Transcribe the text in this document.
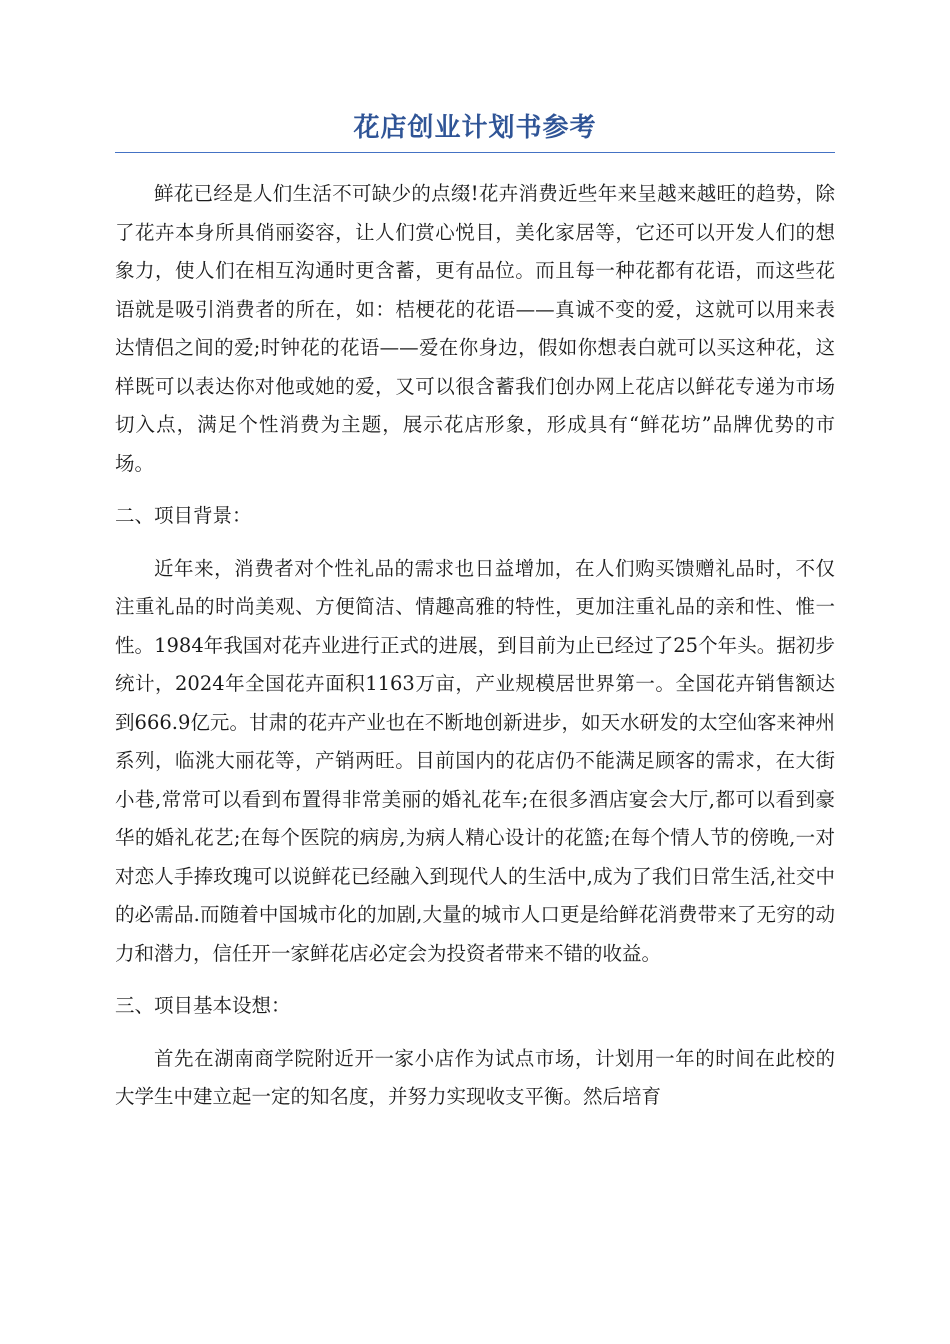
花店创业计划书参考

鲜花已经是人们生活不可缺少的点缀!花卉消费近些年来呈越来越旺的趋势，除了花卉本身所具俏丽姿容，让人们赏心悦目，美化家居等，它还可以开发人们的想象力，使人们在相互沟通时更含蓄，更有品位。而且每一种花都有花语，而这些花语就是吸引消费者的所在，如：桔梗花的花语——真诚不变的爱，这就可以用来表达情侣之间的爱;时钟花的花语——爱在你身边，假如你想表白就可以买这种花，这样既可以表达你对他或她的爱，又可以很含蓄我们创办网上花店以鲜花专递为市场切入点，满足个性消费为主题，展示花店形象，形成具有“鲜花坊”品牌优势的市场。

二、项目背景：

近年来，消费者对个性礼品的需求也日益增加，在人们购买馈赠礼品时，不仅注重礼品的时尚美观、方便简洁、情趣高雅的特性，更加注重礼品的亲和性、惟一性。1984年我国对花卉业进行正式的进展，到目前为止已经过了25个年头。据初步统计，2024年全国花卉面积1163万亩，产业规模居世界第一。全国花卉销售额达到666.9亿元。甘肃的花卉产业也在不断地创新进步，如天水研发的太空仙客来神州系列，临洮大丽花等，产销两旺。目前国内的花店仍不能满足顾客的需求，在大街小巷,常常可以看到布置得非常美丽的婚礼花车;在很多酒店宴会大厅,都可以看到豪华的婚礼花艺;在每个医院的病房,为病人精心设计的花篮;在每个情人节的傍晚,一对对恋人手捧玫瑰可以说鲜花已经融入到现代人的生活中,成为了我们日常生活,社交中的必需品.而随着中国城市化的加剧,大量的城市人口更是给鲜花消费带来了无穷的动力和潜力，信任开一家鲜花店必定会为投资者带来不错的收益。

三、项目基本设想：

首先在湖南商学院附近开一家小店作为试点市场，计划用一年的时间在此校的大学生中建立起一定的知名度，并努力实现收支平衡。然后培育
